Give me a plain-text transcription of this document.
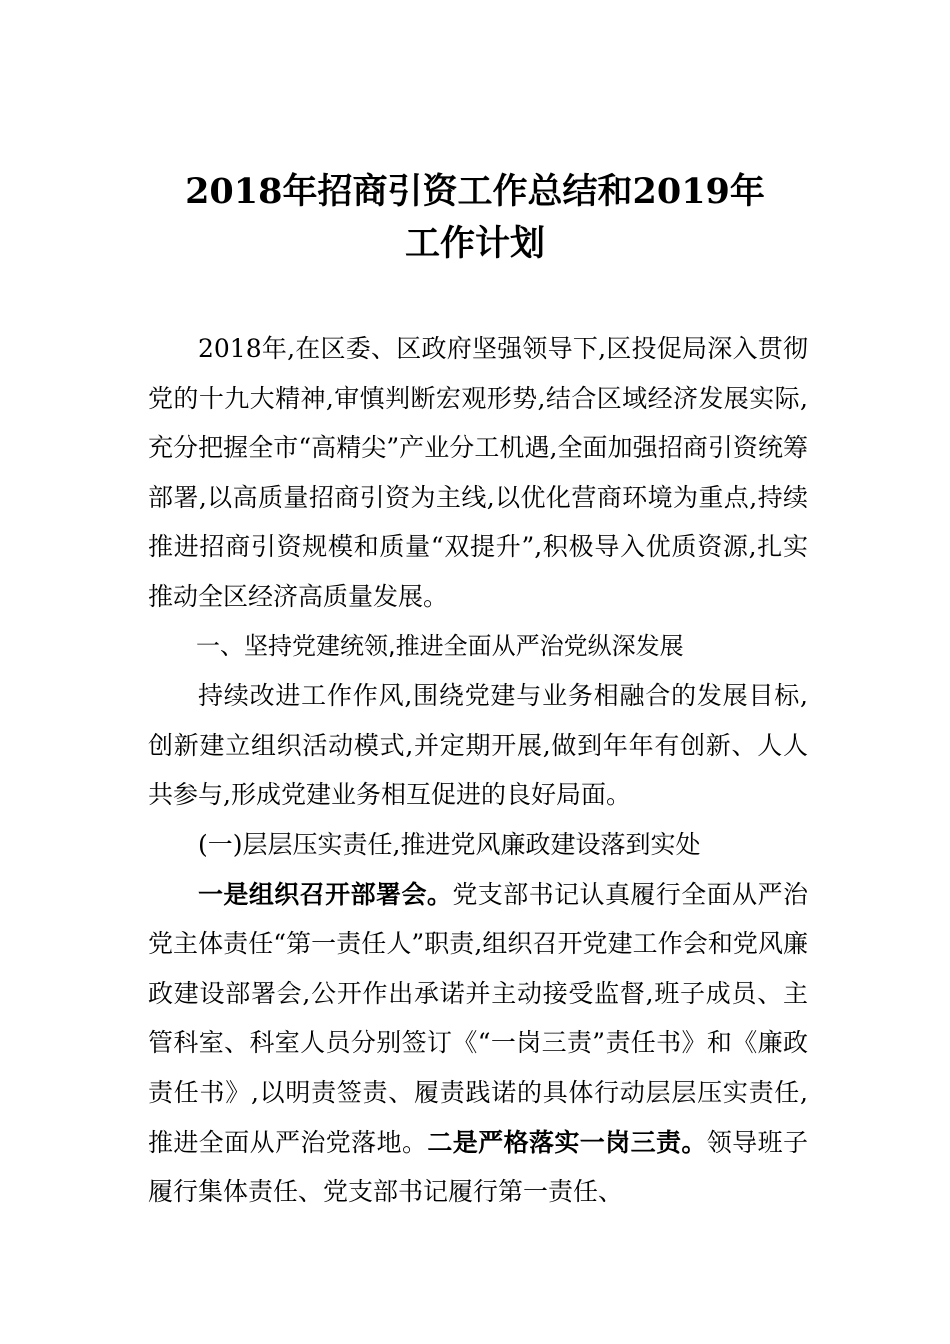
2018年招商引资工作总结和2019年
工作计划

2018年,在区委、区政府坚强领导下,区投促局深入贯彻党的十九大精神,审慎判断宏观形势,结合区域经济发展实际,充分把握全市“高精尖”产业分工机遇,全面加强招商引资统筹部署,以高质量招商引资为主线,以优化营商环境为重点,持续推进招商引资规模和质量“双提升”,积极导入优质资源,扎实推动全区经济高质量发展。

一、坚持党建统领,推进全面从严治党纵深发展

持续改进工作作风,围绕党建与业务相融合的发展目标,创新建立组织活动模式,并定期开展,做到年年有创新、人人共参与,形成党建业务相互促进的良好局面。

(一)层层压实责任,推进党风廉政建设落到实处

一是组织召开部署会。党支部书记认真履行全面从严治党主体责任“第一责任人”职责,组织召开党建工作会和党风廉政建设部署会,公开作出承诺并主动接受监督,班子成员、主管科室、科室人员分别签订《“一岗三责”责任书》和《廉政责任书》,以明责签责、履责践诺的具体行动层层压实责任,推进全面从严治党落地。二是严格落实一岗三责。领导班子履行集体责任、党支部书记履行第一责任、
